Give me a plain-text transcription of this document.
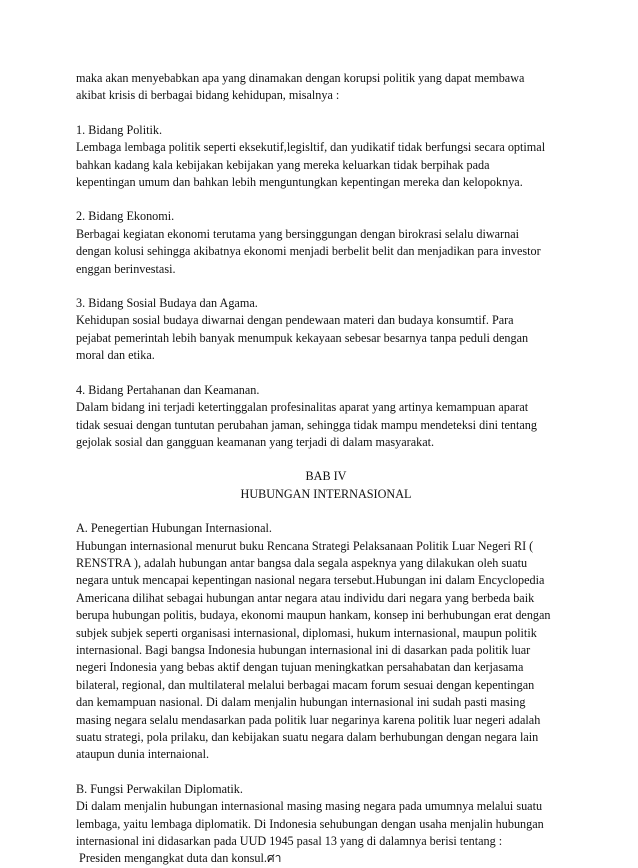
maka akan menyebabkan apa yang dinamakan dengan korupsi politik yang dapat membawa
akibat krisis di berbagai bidang kehidupan, misalnya :
1. Bidang Politik.
Lembaga lembaga politik seperti eksekutif,legisltif, dan yudikatif tidak berfungsi secara optimal
bahkan kadang kala kebijakan kebijakan yang mereka keluarkan tidak berpihak pada
kepentingan umum dan bahkan lebih menguntungkan kepentingan mereka dan kelopoknya.
2. Bidang Ekonomi.
Berbagai kegiatan ekonomi terutama yang bersinggungan dengan birokrasi selalu diwarnai
dengan kolusi sehingga akibatnya ekonomi menjadi berbelit belit dan menjadikan para investor
enggan berinvestasi.
3. Bidang Sosial Budaya dan Agama.
Kehidupan sosial budaya diwarnai dengan pendewaan materi dan budaya konsumtif. Para
pejabat pemerintah lebih banyak menumpuk kekayaan sebesar besarnya tanpa peduli dengan
moral dan etika.
4. Bidang Pertahanan dan Keamanan.
Dalam bidang ini terjadi ketertinggalan profesinalitas aparat yang artinya kemampuan aparat
tidak sesuai dengan tuntutan perubahan jaman, sehingga tidak mampu mendeteksi dini tentang
gejolak sosial dan gangguan keamanan yang terjadi di dalam masyarakat.
BAB IV
HUBUNGAN INTERNASIONAL
A. Penegertian Hubungan Internasional.
Hubungan internasional menurut buku Rencana Strategi Pelaksanaan Politik Luar Negeri RI (
RENSTRA ), adalah hubungan antar bangsa dala segala aspeknya yang dilakukan oleh suatu
negara untuk mencapai kepentingan nasional negara tersebut.Hubungan ini dalam Encyclopedia
Americana dilihat sebagai hubungan antar negara atau individu dari negara yang berbeda baik
berupa hubungan politis, budaya, ekonomi maupun hankam, konsep ini berhubungan erat dengan
subjek subjek seperti organisasi internasional, diplomasi, hukum internasional, maupun politik
internasional. Bagi bangsa Indonesia hubungan internasional ini di dasarkan pada politik luar
negeri Indonesia yang bebas aktif dengan tujuan meningkatkan persahabatan dan kerjasama
bilateral, regional, dan multilateral melalui berbagai macam forum sesuai dengan kepentingan
dan kemampuan nasional. Di dalam menjalin hubungan internasional ini sudah pasti masing
masing negara selalu mendasarkan pada politik luar negarinya karena politik luar negeri adalah
suatu strategi, pola prilaku, dan kebijakan suatu negara dalam berhubungan dengan negara lain
ataupun dunia internaional.
B. Fungsi Perwakilan Diplomatik.
Di dalam menjalin hubungan internasional masing masing negara pada umumnya melalui suatu
lembaga, yaitu lembaga diplomatik. Di Indonesia sehubungan dengan usaha menjalin hubungan
internasional ini didasarkan pada UUD 1945 pasal 13 yang di dalamnya berisi tentang :
Presiden mengangkat duta dan konsul.ศา
